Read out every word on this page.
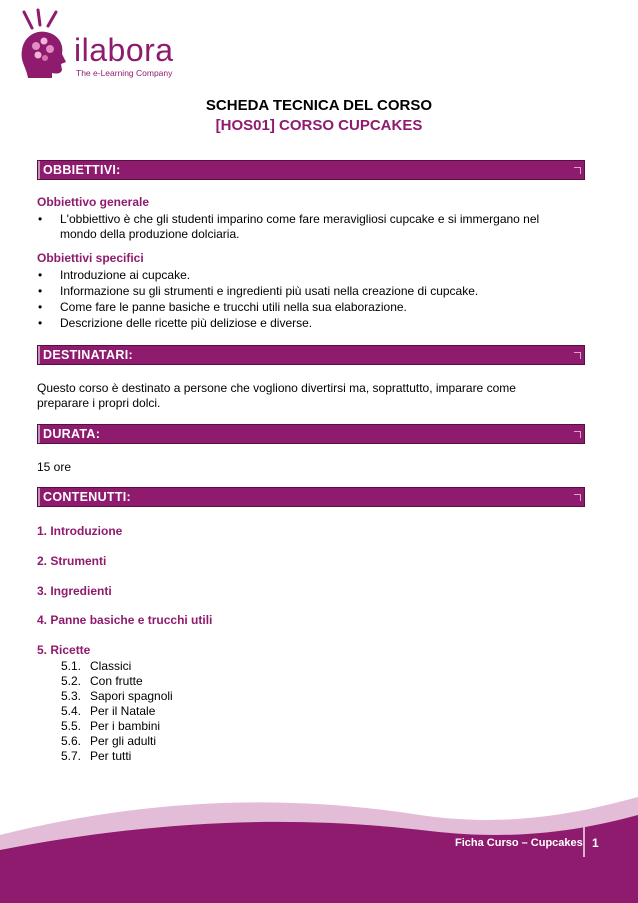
ilabora
The e-Learning Company
SCHEDA TECNICA DEL CORSO
[HOS01] CORSO CUPCAKES
OBBIETTIVI:
Obbiettivo generale
• L'obbiettivo è che gli studenti imparino come fare meravigliosi cupcake e si immergano nel
mondo della produzione dolciaria.
Obbiettivi specifici
• Introduzione ai cupcake.
• Informazione su gli strumenti e ingredienti più usati nella creazione di cupcake.
• Come fare le panne basiche e trucchi utili nella sua elaborazione.
• Descrizione delle ricette più deliziose e diverse.
DESTINATARI:
Questo corso è destinato a persone che vogliono divertirsi ma, soprattutto, imparare come
preparare i propri dolci.
DURATA:
15 ore
CONTENUTTI:
1. Introduzione
2. Strumenti
3. Ingredienti
4. Panne basiche e trucchi utili
5. Ricette
5.1. Classici
5.2. Con frutte
5.3. Sapori spagnoli
5.4. Per il Natale
5.5. Per i bambini
5.6. Per gli adulti
5.7. Per tutti
Ficha Curso – Cupcakes 1
